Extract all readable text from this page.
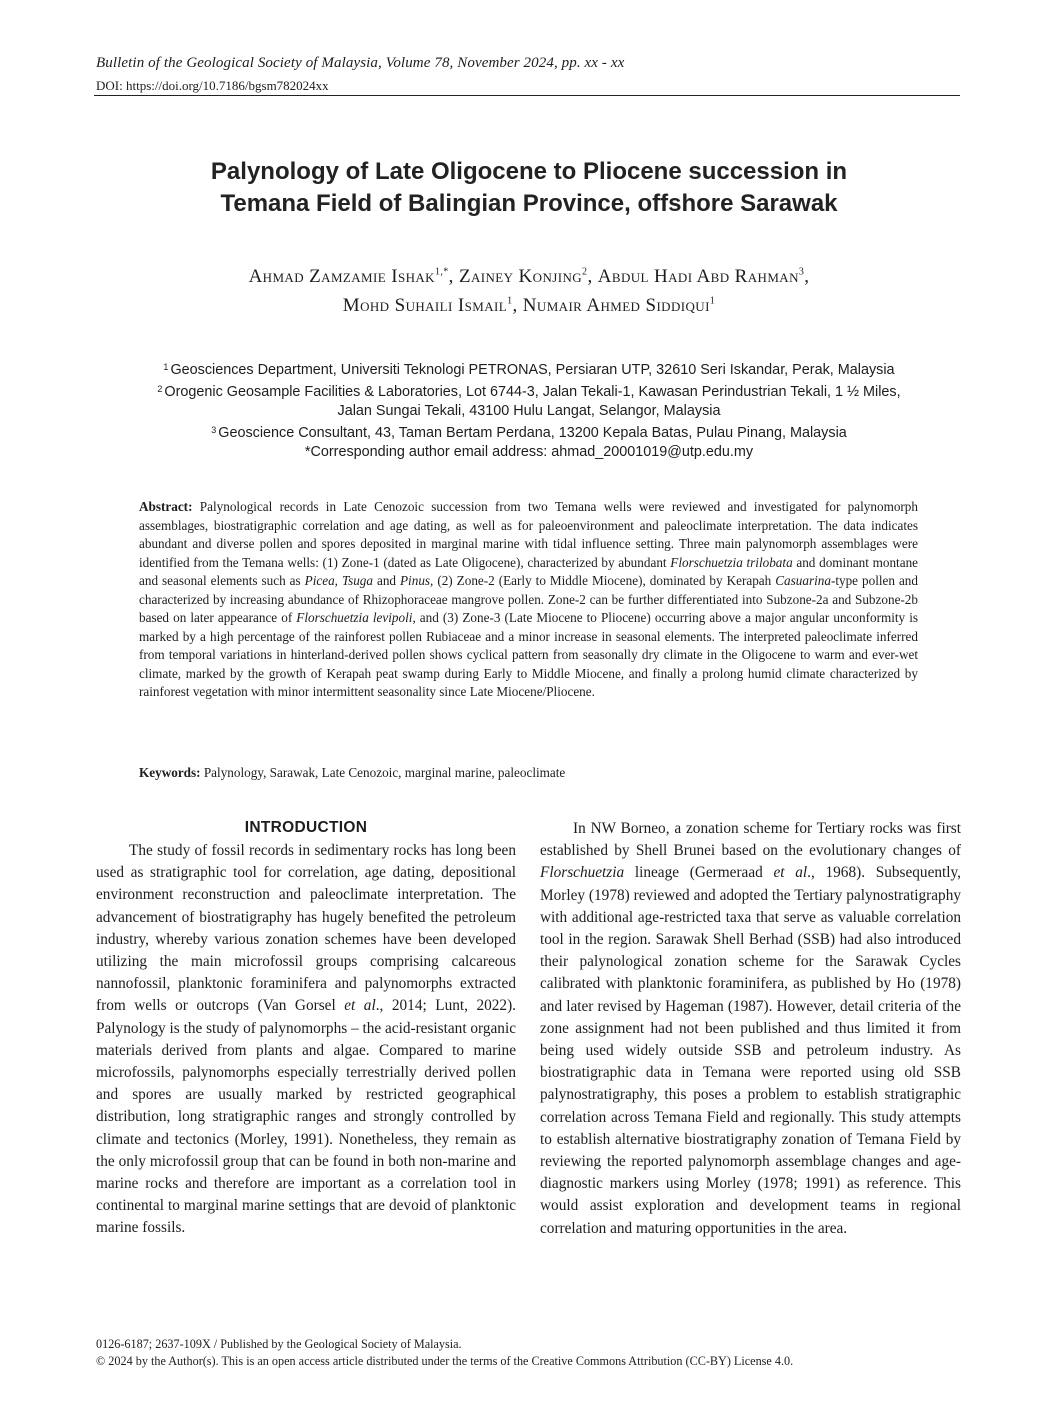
Bulletin of the Geological Society of Malaysia, Volume 78, November 2024, pp. xx - xx
DOI: https://doi.org/10.7186/bgsm782024xx
Palynology of Late Oligocene to Pliocene succession in
Temana Field of Balingian Province, offshore Sarawak
Ahmad Zamzamie Ishak$^{1,*}$, Zainey Konjing$^2$, Abdul Hadi Abd Rahman$^3$,
Mohd Suhaili Ismail$^1$, Numair Ahmed Siddiqui$^1$
$^1$ Geosciences Department, Universiti Teknologi PETRONAS, Persiaran UTP, 32610 Seri Iskandar, Perak, Malaysia
$^2$ Orogenic Geosample Facilities & Laboratories, Lot 6744-3, Jalan Tekali-1, Kawasan Perindustrian Tekali, 1 ½ Miles,
Jalan Sungai Tekali, 43100 Hulu Langat, Selangor, Malaysia
$^3$ Geoscience Consultant, 43, Taman Bertam Perdana, 13200 Kepala Batas, Pulau Pinang, Malaysia
*Corresponding author email address: ahmad_20001019@utp.edu.my
Abstract: Palynological records in Late Cenozoic succession from two Temana wells were reviewed and investigated for palynomorph assemblages, biostratigraphic correlation and age dating, as well as for paleoenvironment and paleoclimate interpretation. The data indicates abundant and diverse pollen and spores deposited in marginal marine with tidal influence setting. Three main palynomorph assemblages were identified from the Temana wells: (1) Zone-1 (dated as Late Oligocene), characterized by abundant Florschuetzia trilobata and dominant montane and seasonal elements such as Picea, Tsuga and Pinus, (2) Zone-2 (Early to Middle Miocene), dominated by Kerapah Casuarina-type pollen and characterized by increasing abundance of Rhizophoraceae mangrove pollen. Zone-2 can be further differentiated into Subzone-2a and Subzone-2b based on later appearance of Florschuetzia levipoli, and (3) Zone-3 (Late Miocene to Pliocene) occurring above a major angular unconformity is marked by a high percentage of the rainforest pollen Rubiaceae and a minor increase in seasonal elements. The interpreted paleoclimate inferred from temporal variations in hinterland-derived pollen shows cyclical pattern from seasonally dry climate in the Oligocene to warm and ever-wet climate, marked by the growth of Kerapah peat swamp during Early to Middle Miocene, and finally a prolong humid climate characterized by rainforest vegetation with minor intermittent seasonality since Late Miocene/Pliocene.
Keywords: Palynology, Sarawak, Late Cenozoic, marginal marine, paleoclimate
INTRODUCTION

The study of fossil records in sedimentary rocks has long been used as stratigraphic tool for correlation, age dating, depositional environment reconstruction and paleoclimate interpretation. The advancement of biostratigraphy has hugely benefited the petroleum industry, whereby various zonation schemes have been developed utilizing the main microfossil groups comprising calcareous nannofossil, planktonic foraminifera and palynomorphs extracted from wells or outcrops (Van Gorsel et al., 2014; Lunt, 2022). Palynology is the study of palynomorphs – the acid-resistant organic materials derived from plants and algae. Compared to marine microfossils, palynomorphs especially terrestrially derived pollen and spores are usually marked by restricted geographical distribution, long stratigraphic ranges and strongly controlled by climate and tectonics (Morley, 1991). Nonetheless, they remain as the only microfossil group that can be found in both non-marine and marine rocks and therefore are important as a correlation tool in continental to marginal marine settings that are devoid of planktonic marine fossils.

In NW Borneo, a zonation scheme for Tertiary rocks was first established by Shell Brunei based on the evolutionary changes of Florschuetzia lineage (Germeraad et al., 1968). Subsequently, Morley (1978) reviewed and adopted the Tertiary palynostratigraphy with additional age-restricted taxa that serve as valuable correlation tool in the region. Sarawak Shell Berhad (SSB) had also introduced their palynological zonation scheme for the Sarawak Cycles calibrated with planktonic foraminifera, as published by Ho (1978) and later revised by Hageman (1987). However, detail criteria of the zone assignment had not been published and thus limited it from being used widely outside SSB and petroleum industry. As biostratigraphic data in Temana were reported using old SSB palynostratigraphy, this poses a problem to establish stratigraphic correlation across Temana Field and regionally. This study attempts to establish alternative biostratigraphy zonation of Temana Field by reviewing the reported palynomorph assemblage changes and age-diagnostic markers using Morley (1978; 1991) as reference. This would assist exploration and development teams in regional correlation and maturing opportunities in the area.

0126-6187; 2637-109X / Published by the Geological Society of Malaysia.
© 2024 by the Author(s). This is an open access article distributed under the terms of the Creative Commons Attribution (CC-BY) License 4.0.
